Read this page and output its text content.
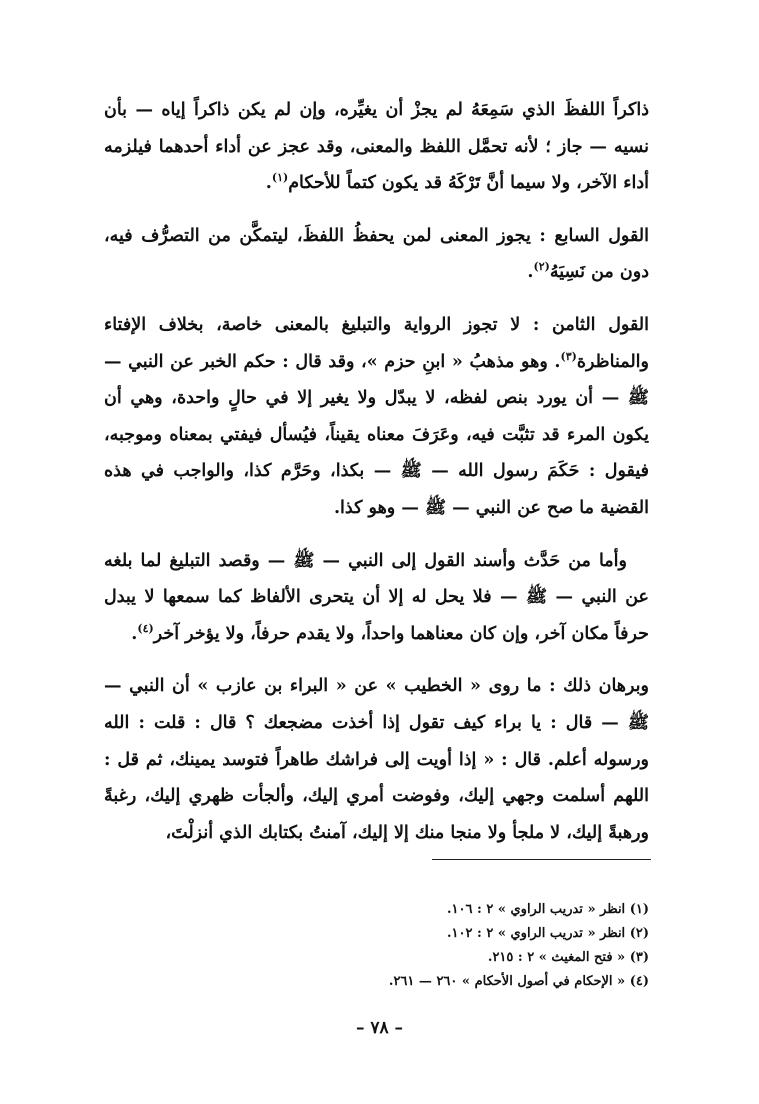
ذاكراً اللفظَ الذي سَمِعَهُ لم يجزْ أن يغيِّره، وإن لم يكن ذاكراً إياه — بأن نسيه — جاز ؛ لأنه تحمَّل اللفظ والمعنى، وقد عجز عن أداء أحدهما فيلزمه أداء الآخر، ولا سيما أنَّ تَرْكَهُ قد يكون كتماً للأحكام$^{(١)}$.

القول السابع : يجوز المعنى لمن يحفظُ اللفظَ، ليتمكَّن من التصرُّف فيه، دون من نَسِيَهُ$^{(٢)}$.

القول الثامن : لا تجوز الرواية والتبليغ بالمعنى خاصة، بخلاف الإفتاء والمناظرة$^{(٣)}$. وهو مذهبُ « ابنِ حزم »، وقد قال : حكم الخبر عن النبي — ﷺ — أن يورد بنص لفظه، لا يبدّل ولا يغير إلا في حالٍ واحدة، وهي أن يكون المرء قد تثبَّت فيه، وعَرَفَ معناه يقيناً، فيُسأل فيفتي بمعناه وموجبه، فيقول : حَكَمَ رسول الله — ﷺ — بكذا، وحَرَّم كذا، والواجب في هذه القضية ما صح عن النبي — ﷺ — وهو كذا.

وأما من حَدَّث وأسند القول إلى النبي — ﷺ — وقصد التبليغ لما بلغه عن النبي — ﷺ — فلا يحل له إلا أن يتحرى الألفاظ كما سمعها لا يبدل حرفاً مكان آخر، وإن كان معناهما واحداً، ولا يقدم حرفاً، ولا يؤخر آخر$^{(٤)}$.

وبرهان ذلك : ما روى « الخطيب » عن « البراء بن عازب » أن النبي — ﷺ — قال : يا براء كيف تقول إذا أخذت مضجعك ؟ قال : قلت : الله ورسوله أعلم. قال : « إذا أويت إلى فراشك طاهراً فتوسد يمينك، ثم قل : اللهم أسلمت وجهي إليك، وفوضت أمري إليك، وألجأت ظهري إليك، رغبةً ورهبةً إليك، لا ملجأ ولا منجا منك إلا إليك، آمنتُ بكتابك الذي أنزلْتَ،

(١) انظر « تدريب الراوي » ٢ : ١٠٦.
(٢) انظر « تدريب الراوي » ٢ : ١٠٢.
(٣) « فتح المغيث » ٢ : ٢١٥.
(٤) « الإحكام في أصول الأحكام » ٢٦٠ — ٢٦١.
– ٧٨ –
